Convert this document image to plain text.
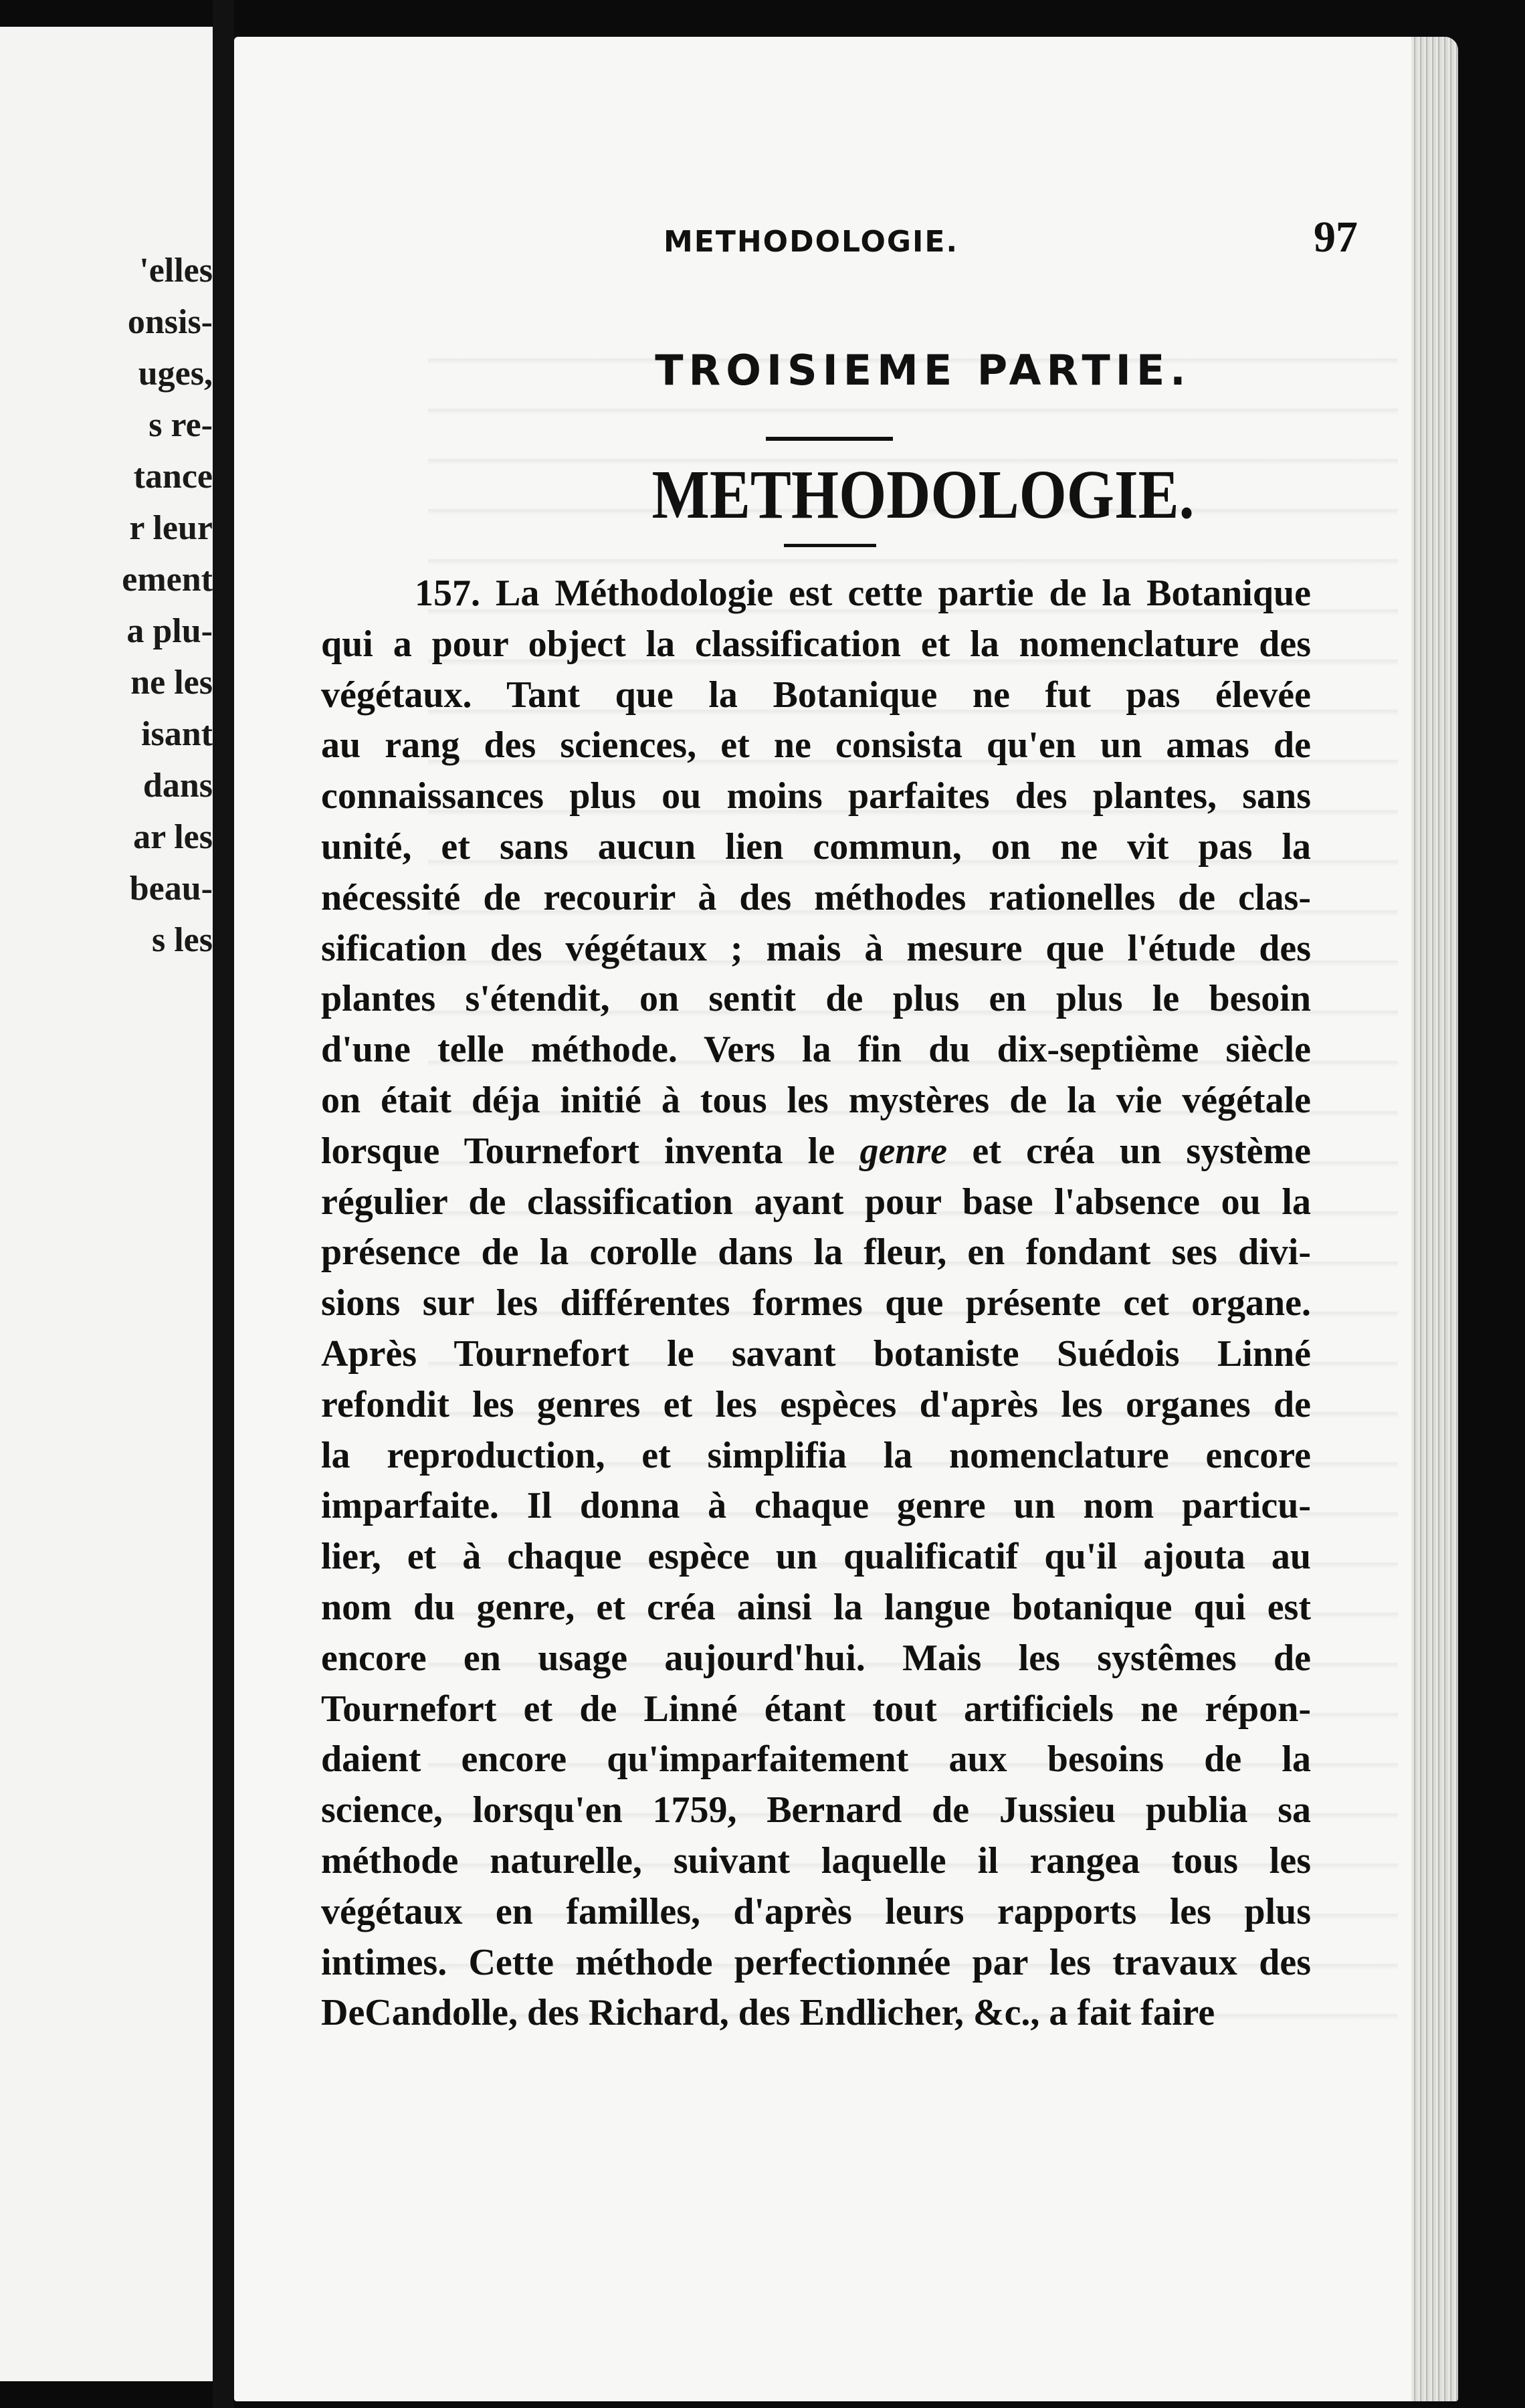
'elles
onsis-
uges,
s re-
tance
r leur
ement
a plu-
ne les
isant
dans
ar les
beau-
s les
METHODOLOGIE.	97
TROISIEME PARTIE.
METHODOLOGIE.
157. La Méthodologie est cette partie de la Botanique
qui a pour object la classification et la nomenclature des
végétaux. Tant que la Botanique ne fut pas élevée
au rang des sciences, et ne consista qu'en un amas de
connaissances plus ou moins parfaites des plantes, sans
unité, et sans aucun lien commun, on ne vit pas la
nécessité de recourir à des méthodes rationelles de clas-
sification des végétaux ; mais à mesure que l'étude des
plantes s'étendit, on sentit de plus en plus le besoin
d'une telle méthode. Vers la fin du dix-septième siècle
on était déja initié à tous les mystères de la vie végétale
lorsque Tournefort inventa le genre et créa un système
régulier de classification ayant pour base l'absence ou la
présence de la corolle dans la fleur, en fondant ses divi-
sions sur les différentes formes que présente cet organe.
Après Tournefort le savant botaniste Suédois Linné
refondit les genres et les espèces d'après les organes de
la reproduction, et simplifia la nomenclature encore
imparfaite. Il donna à chaque genre un nom particu-
lier, et à chaque espèce un qualificatif qu'il ajouta au
nom du genre, et créa ainsi la langue botanique qui est
encore en usage aujourd'hui. Mais les systêmes de
Tournefort et de Linné étant tout artificiels ne répon-
daient encore qu'imparfaitement aux besoins de la
science, lorsqu'en 1759, Bernard de Jussieu publia sa
méthode naturelle, suivant laquelle il rangea tous les
végétaux en familles, d'après leurs rapports les plus
intimes. Cette méthode perfectionnée par les travaux des
DeCandolle, des Richard, des Endlicher, &c., a fait faire
